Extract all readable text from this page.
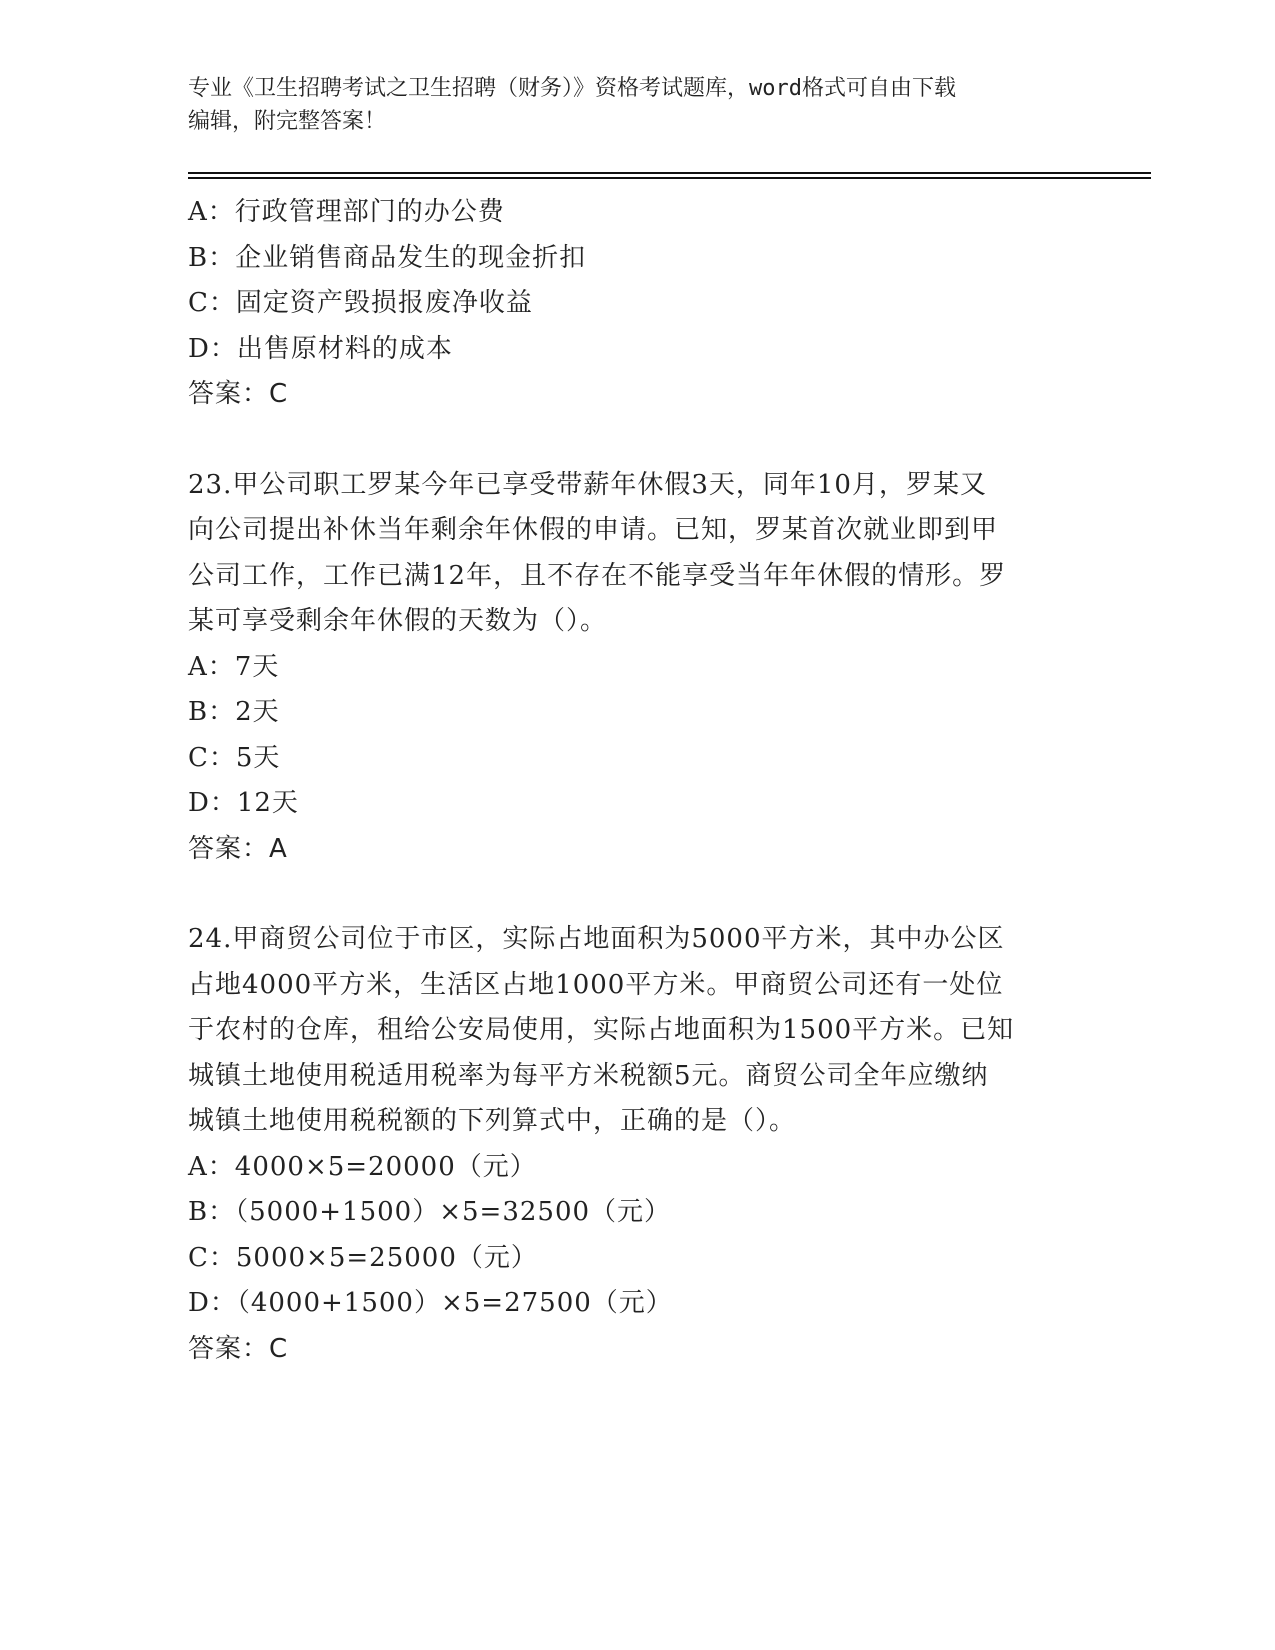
专业《卫生招聘考试之卫生招聘（财务）》资格考试题库，word格式可自由下载
编辑，附完整答案！
A：行政管理部门的办公费
B：企业销售商品发生的现金折扣
C：固定资产毁损报废净收益
D：出售原材料的成本
答案：C
23.甲公司职工罗某今年已享受带薪年休假3天，同年10月，罗某又
向公司提出补休当年剩余年休假的申请。已知，罗某首次就业即到甲
公司工作，工作已满12年，且不存在不能享受当年年休假的情形。罗
某可享受剩余年休假的天数为（）。
A：7天
B：2天
C：5天
D：12天
答案：A
24.甲商贸公司位于市区，实际占地面积为5000平方米，其中办公区
占地4000平方米，生活区占地1000平方米。甲商贸公司还有一处位
于农村的仓库，租给公安局使用，实际占地面积为1500平方米。已知
城镇土地使用税适用税率为每平方米税额5元。商贸公司全年应缴纳
城镇土地使用税税额的下列算式中，正确的是（）。
A：4000×5=20000（元）
B：（5000+1500）×5=32500（元）
C：5000×5=25000（元）
D：（4000+1500）×5=27500（元）
答案：C
